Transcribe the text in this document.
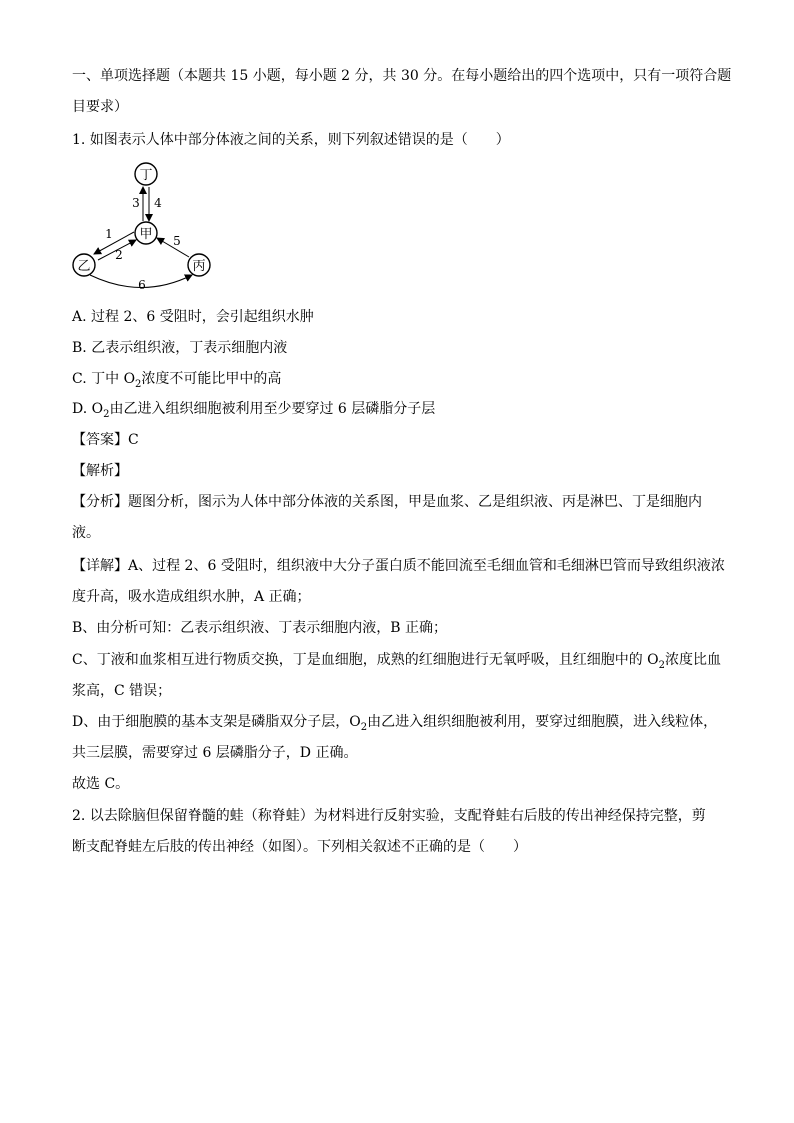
一、单项选择题（本题共 15 小题，每小题 2 分，共 30 分。在每小题给出的四个选项中，只有一项符合题
目要求）
1. 如图表示人体中部分体液之间的关系，则下列叙述错误的是（　　）
丁
甲
乙	丙
3 4
1
2
5
6
A. 过程 2、6 受阻时，会引起组织水肿
B. 乙表示组织液，丁表示细胞内液
C. 丁中 $O_2$浓度不可能比甲中的高
D. $O_2$由乙进入组织细胞被利用至少要穿过 6 层磷脂分子层
【答案】C
【解析】
【分析】题图分析，图示为人体中部分体液的关系图，甲是血浆、乙是组织液、丙是淋巴、丁是细胞内
液。
【详解】A、过程 2、6 受阻时，组织液中大分子蛋白质不能回流至毛细血管和毛细淋巴管而导致组织液浓
度升高，吸水造成组织水肿，A 正确；
B、由分析可知：乙表示组织液、丁表示细胞内液，B 正确；
C、丁液和血浆相互进行物质交换，丁是血细胞，成熟的红细胞进行无氧呼吸，且红细胞中的 $O_2$浓度比血
浆高，C 错误；
D、由于细胞膜的基本支架是磷脂双分子层，$O_2$由乙进入组织细胞被利用，要穿过细胞膜，进入线粒体，
共三层膜，需要穿过 6 层磷脂分子，D 正确。
故选 C。
2. 以去除脑但保留脊髓的蛙（称脊蛙）为材料进行反射实验，支配脊蛙右后肢的传出神经保持完整，剪
断支配脊蛙左后肢的传出神经（如图）。下列相关叙述不正确的是（　　）
